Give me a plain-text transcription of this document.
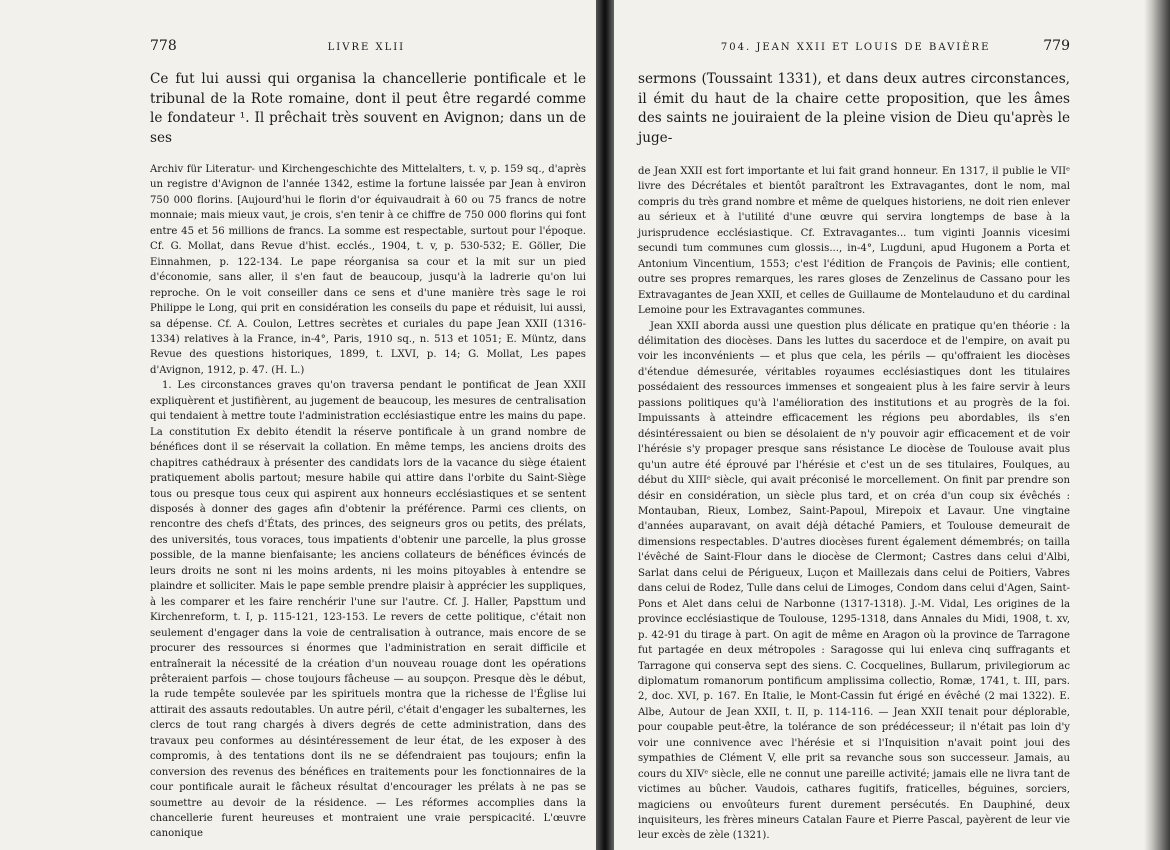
778	LIVRE XLII

Ce fut lui aussi qui organisa la chancellerie pontificale et le tribunal de la Rote romaine, dont il peut être regardé comme le fondateur ¹. Il prêchait très souvent en Avignon; dans un de ses

Archiv für Literatur- und Kirchengeschichte des Mittelalters, t. v, p. 159 sq., d'après un registre d'Avignon de l'année 1342, estime la fortune laissée par Jean à environ 750 000 florins. [Aujourd'hui le florin d'or équivaudrait à 60 ou 75 francs de notre monnaie; mais mieux vaut, je crois, s'en tenir à ce chiffre de 750 000 florins qui font entre 45 et 56 millions de francs. La somme est respectable, surtout pour l'époque. Cf. G. Mollat, dans Revue d'hist. ecclés., 1904, t. v, p. 530-532; E. Göller, Die Einnahmen, p. 122-134. Le pape réorganisa sa cour et la mit sur un pied d'économie, sans aller, il s'en faut de beaucoup, jusqu'à la ladrerie qu'on lui reproche. On le voit conseiller dans ce sens et d'une manière très sage le roi Philippe le Long, qui prit en considération les conseils du pape et réduisit, lui aussi, sa dépense. Cf. A. Coulon, Lettres secrètes et curiales du pape Jean XXII (1316-1334) relatives à la France, in-4°, Paris, 1910 sq., n. 513 et 1051; E. Müntz, dans Revue des questions historiques, 1899, t. LXVI, p. 14; G. Mollat, Les papes d'Avignon, 1912, p. 47. (H. L.)

1. Les circonstances graves qu'on traversa pendant le pontificat de Jean XXII expliquèrent et justifièrent, au jugement de beaucoup, les mesures de centralisation qui tendaient à mettre toute l'administration ecclésiastique entre les mains du pape. La constitution Ex debito étendit la réserve pontificale à un grand nombre de bénéfices dont il se réservait la collation. En même temps, les anciens droits des chapitres cathédraux à présenter des candidats lors de la vacance du siège étaient pratiquement abolis partout; mesure habile qui attire dans l'orbite du Saint-Siège tous ou presque tous ceux qui aspirent aux honneurs ecclésiastiques et se sentent disposés à donner des gages afin d'obtenir la préférence. Parmi ces clients, on rencontre des chefs d'États, des princes, des seigneurs gros ou petits, des prélats, des universités, tous voraces, tous impatients d'obtenir une parcelle, la plus grosse possible, de la manne bienfaisante; les anciens collateurs de bénéfices évincés de leurs droits ne sont ni les moins ardents, ni les moins pitoyables à entendre se plaindre et solliciter. Mais le pape semble prendre plaisir à apprécier les suppliques, à les comparer et les faire renchérir l'une sur l'autre. Cf. J. Haller, Papsttum und Kirchenreform, t. I, p. 115-121, 123-153. Le revers de cette politique, c'était non seulement d'engager dans la voie de centralisation à outrance, mais encore de se procurer des ressources si énormes que l'administration en serait difficile et entraînerait la nécessité de la création d'un nouveau rouage dont les opérations prêteraient parfois — chose toujours fâcheuse — au soupçon. Presque dès le début, la rude tempête soulevée par les spirituels montra que la richesse de l'Église lui attirait des assauts redoutables. Un autre péril, c'était d'engager les subalternes, les clercs de tout rang chargés à divers degrés de cette administration, dans des travaux peu conformes au désintéressement de leur état, de les exposer à des compromis, à des tentations dont ils ne se défendraient pas toujours; enfin la conversion des revenus des bénéfices en traitements pour les fonctionnaires de la cour pontificale aurait le fâcheux résultat d'encourager les prélats à ne pas se soumettre au devoir de la résidence. — Les réformes accomplies dans la chancellerie furent heureuses et montraient une vraie perspicacité. L'œuvre canonique

704. JEAN XXII ET LOUIS DE BAVIÈRE	779

sermons (Toussaint 1331), et dans deux autres circonstances, il émit du haut de la chaire cette proposition, que les âmes des saints ne jouiraient de la pleine vision de Dieu qu'après le juge-

de Jean XXII est fort importante et lui fait grand honneur. En 1317, il publie le VIIᵉ livre des Décrétales et bientôt paraîtront les Extravagantes, dont le nom, mal compris du très grand nombre et même de quelques historiens, ne doit rien enlever au sérieux et à l'utilité d'une œuvre qui servira longtemps de base à la jurisprudence ecclésiastique. Cf. Extravagantes... tum viginti Joannis vicesimi secundi tum communes cum glossis..., in-4°, Lugduni, apud Hugonem a Porta et Antonium Vincentium, 1553; c'est l'édition de François de Pavinis; elle contient, outre ses propres remarques, les rares gloses de Zenzelinus de Cassano pour les Extravagantes de Jean XXII, et celles de Guillaume de Montelauduno et du cardinal Lemoine pour les Extravagantes communes.

Jean XXII aborda aussi une question plus délicate en pratique qu'en théorie : la délimitation des diocèses. Dans les luttes du sacerdoce et de l'empire, on avait pu voir les inconvénients — et plus que cela, les périls — qu'offraient les diocèses d'étendue démesurée, véritables royaumes ecclésiastiques dont les titulaires possédaient des ressources immenses et songeaient plus à les faire servir à leurs passions politiques qu'à l'amélioration des institutions et au progrès de la foi. Impuissants à atteindre efficacement les régions peu abordables, ils s'en désintéressaient ou bien se désolaient de n'y pouvoir agir efficacement et de voir l'hérésie s'y propager presque sans résistance Le diocèse de Toulouse avait plus qu'un autre été éprouvé par l'hérésie et c'est un de ses titulaires, Foulques, au début du XIIIᵉ siècle, qui avait préconisé le morcellement. On finit par prendre son désir en considération, un siècle plus tard, et on créa d'un coup six évêchés : Montauban, Rieux, Lombez, Saint-Papoul, Mirepoix et Lavaur. Une vingtaine d'années auparavant, on avait déjà détaché Pamiers, et Toulouse demeurait de dimensions respectables. D'autres diocèses furent également démembrés; on tailla l'évêché de Saint-Flour dans le diocèse de Clermont; Castres dans celui d'Albi, Sarlat dans celui de Périgueux, Luçon et Maillezais dans celui de Poitiers, Vabres dans celui de Rodez, Tulle dans celui de Limoges, Condom dans celui d'Agen, Saint-Pons et Alet dans celui de Narbonne (1317-1318). J.-M. Vidal, Les origines de la province ecclésiastique de Toulouse, 1295-1318, dans Annales du Midi, 1908, t. xv, p. 42-91 du tirage à part. On agit de même en Aragon où la province de Tarragone fut partagée en deux métropoles : Saragosse qui lui enleva cinq suffragants et Tarragone qui conserva sept des siens. C. Cocquelines, Bullarum, privilegiorum ac diplomatum romanorum pontificum amplissima collectio, Romæ, 1741, t. III, pars. 2, doc. XVI, p. 167. En Italie, le Mont-Cassin fut érigé en évêché (2 mai 1322). E. Albe, Autour de Jean XXII, t. II, p. 114-116. — Jean XXII tenait pour déplorable, pour coupable peut-être, la tolérance de son prédécesseur; il n'était pas loin d'y voir une connivence avec l'hérésie et si l'Inquisition n'avait point joui des sympathies de Clément V, elle prit sa revanche sous son successeur. Jamais, au cours du XIVᵉ siècle, elle ne connut une pareille activité; jamais elle ne livra tant de victimes au bûcher. Vaudois, cathares fugitifs, fraticelles, béguines, sorciers, magiciens ou envoûteurs furent durement persécutés. En Dauphiné, deux inquisiteurs, les frères mineurs Catalan Faure et Pierre Pascal, payèrent de leur vie leur excès de zèle (1321).
